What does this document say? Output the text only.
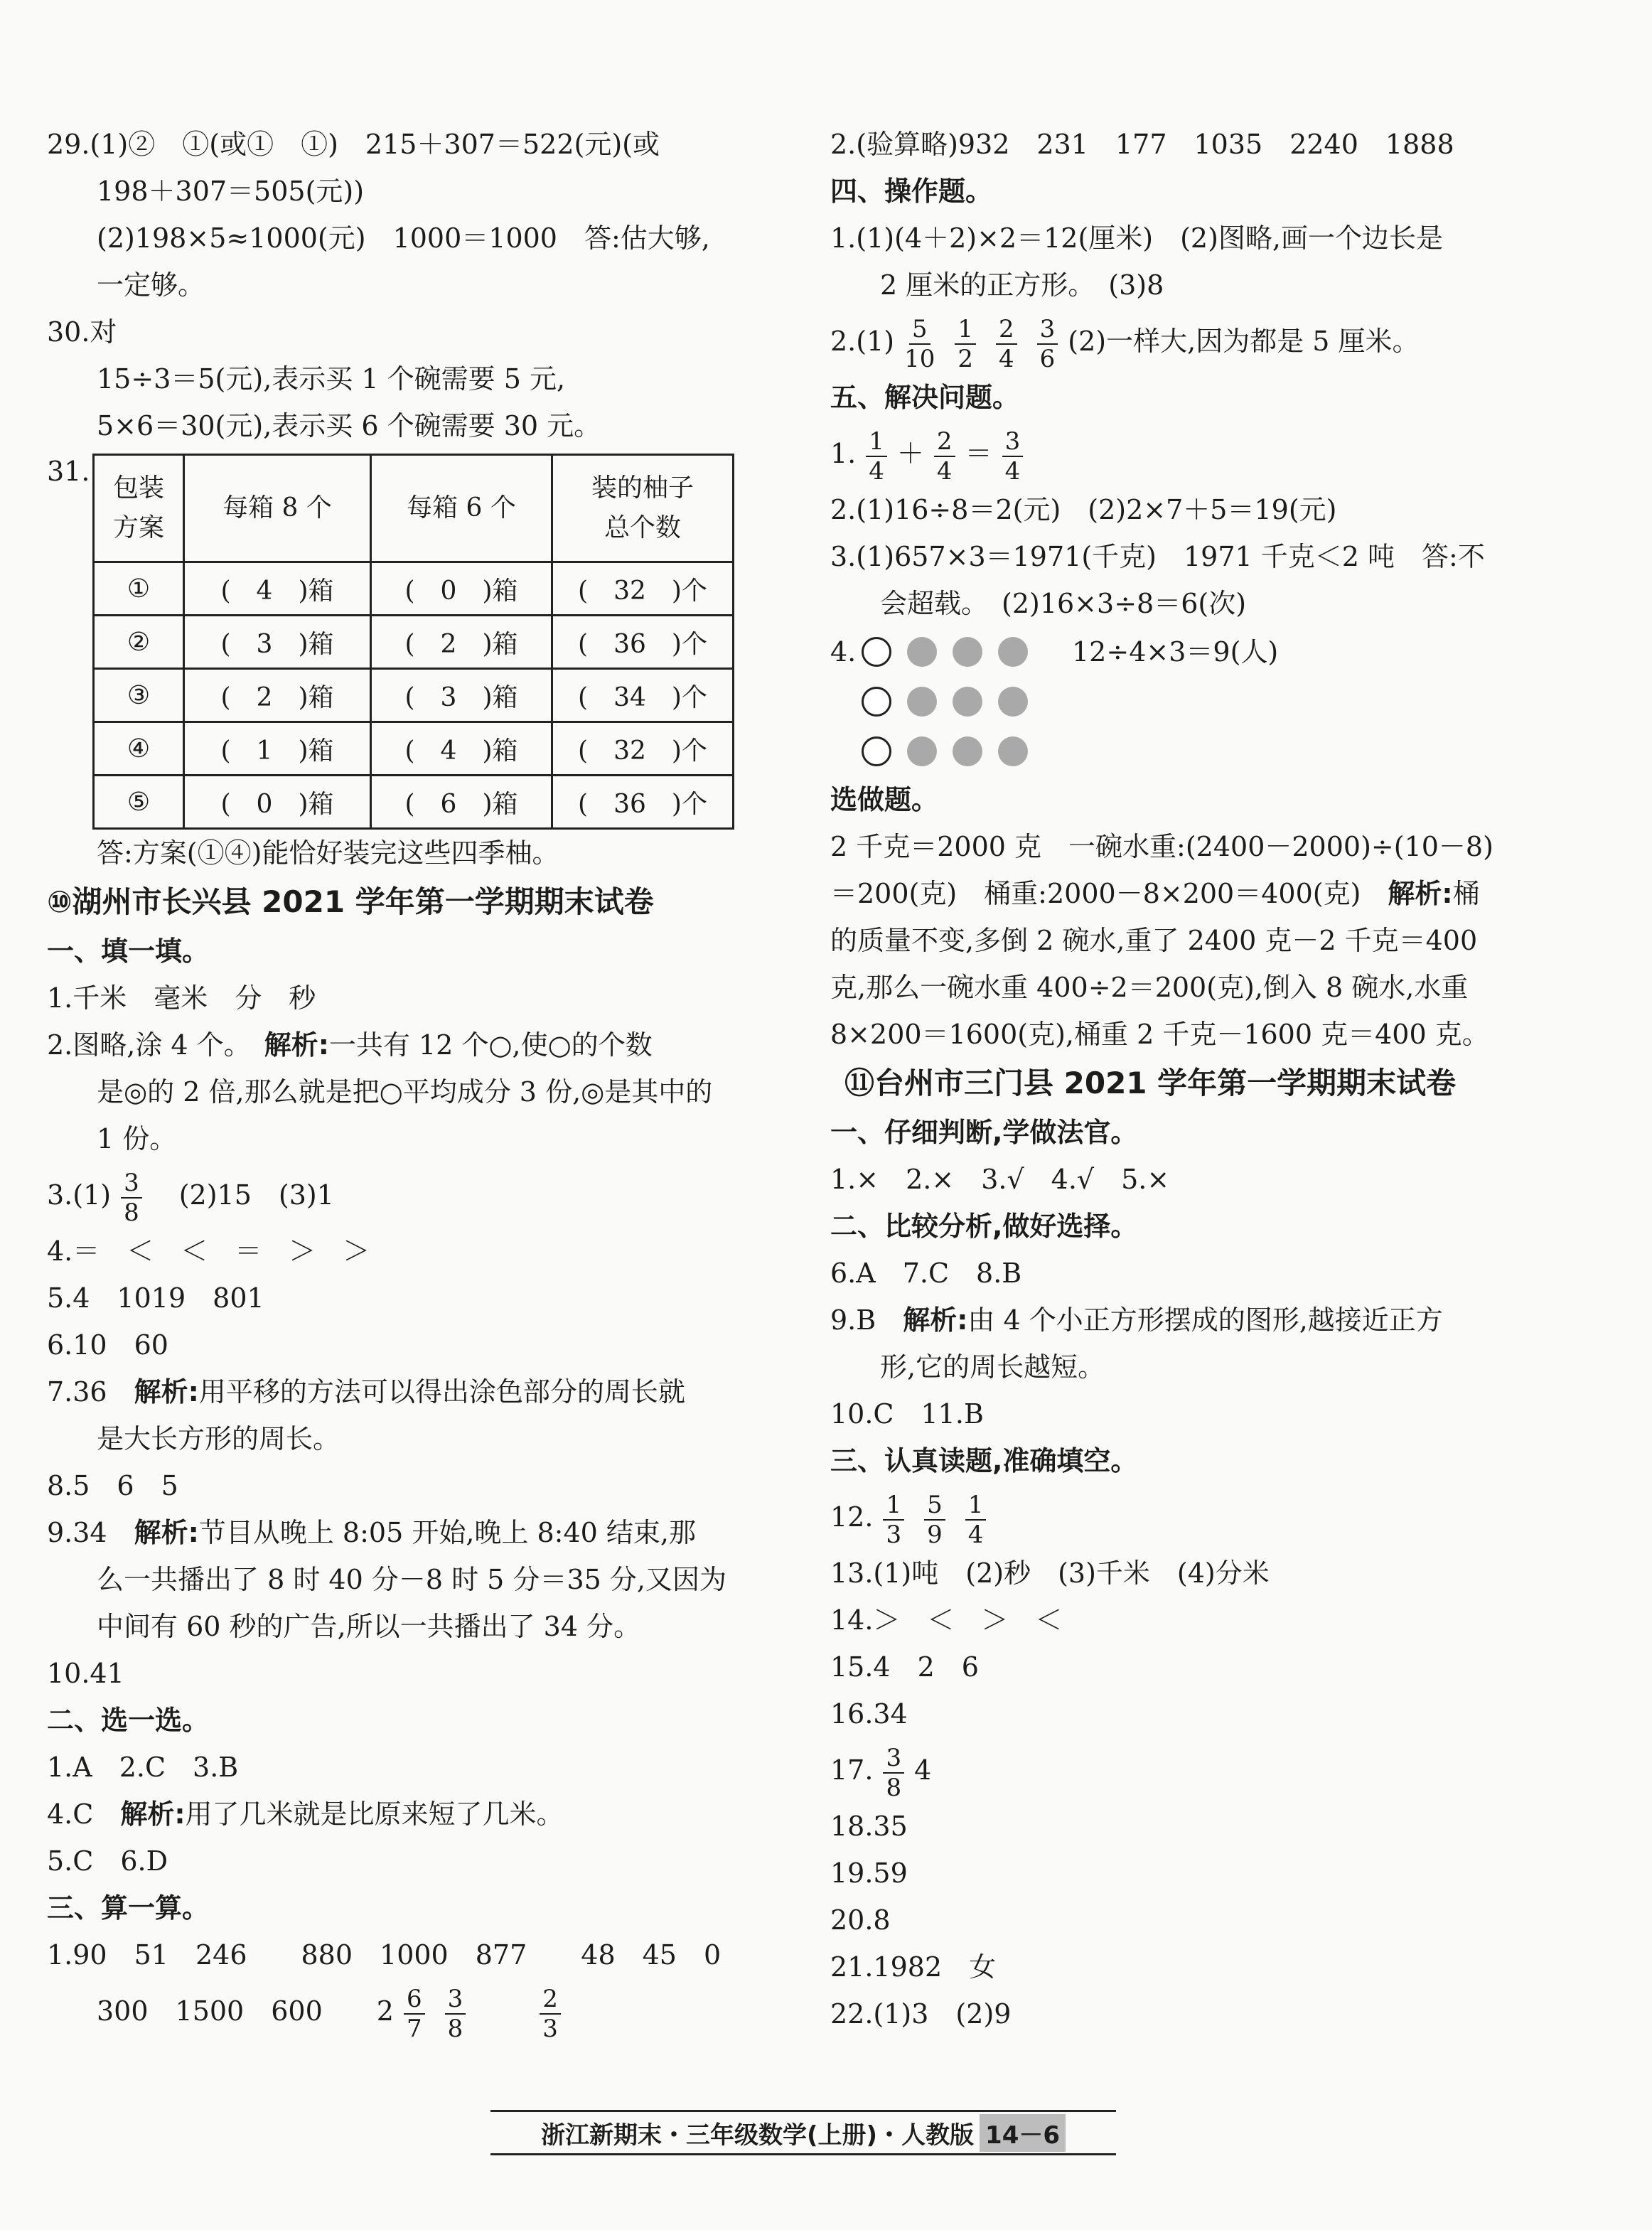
29.(1)②　①(或①　①)　215＋307＝522(元)(或
198＋307＝505(元))
(2)198×5≈1000(元)　1000＝1000　答:估大够,
一定够。
30.对
15÷3＝5(元),表示买 1 个碗需要 5 元,
5×6＝30(元),表示买 6 个碗需要 30 元。
31.
包装
方案	每箱 8 个	每箱 6 个	装的柚子
总个数
①	(　4　)箱	(　0　)箱	(　32　)个
②	(　3　)箱	(　2　)箱	(　36　)个
③	(　2　)箱	(　3　)箱	(　34　)个
④	(　1　)箱	(　4　)箱	(　32　)个
⑤	(　0　)箱	(　6　)箱	(　36　)个
答:方案(①④)能恰好装完这些四季柚。
⑩湖州市长兴县 2021 学年第一学期期末试卷
一、填一填。
1.千米　毫米　分　秒
2.图略,涂 4 个。　 解析:一共有 12 个○,使○的个数
是◎的 2 倍,那么就是把○平均成分 3 份,◎是其中的
1 份。
$3.(1) \frac{3}{8}$ 　(2)15　(3)1
4.＝　＜　＜　＝　＞　＞
5.4　1019　801
6.10　60
7.36　解析:用平移的方法可以得出涂色部分的周长就
是大长方形的周长。
8.5　6　5
9.34　解析:节目从晚上 8:05 开始,晚上 8:40 结束,那
么一共播出了 8 时 40 分－8 时 5 分＝35 分,又因为
中间有 60 秒的广告,所以一共播出了 34 分。
10.41
二、选一选。
1.A　2.C　3.B
4.C　解析:用了几米就是比原来短了几米。
5.C　6.D
三、算一算。
1.90　51　246　　880　1000　877　　48　45　0
300　1500　600　　$2 \frac{6}{7} \frac{3}{8}$
　　	$\frac{2}{3}$
2.(验算略)932　231　177　1035　2240　1888
四、操作题。
1.(1)(4＋2)×2＝12(厘米)　(2)图略,画一个边长是
2 厘米的正方形。　(3)8
$2.(1) \frac{5}{10} \frac{1}{2} \frac{2}{4} \frac{3}{6} (2)$一样大,因为都是 5 厘米。
五、解决问题。
1. $\frac{1}{4} + \frac{2}{4} = \frac{3}{4}$
2.(1)16÷8＝2(元)　(2)2×7＋5＝19(元)
3.(1)657×3＝1971(千克)　1971 千克＜2 吨　答:不
会超载。　(2)16×3÷8＝6(次)
4.	12÷4×3＝9(人)
选做题。
2 千克＝2000 克　一碗水重:(2400－2000)÷(10－8)
＝200(克)　桶重:2000－8×200＝400(克)　解析:桶
的质量不变,多倒 2 碗水,重了 2400 克－2 千克＝400
克,那么一碗水重 400÷2＝200(克),倒入 8 碗水,水重
8×200＝1600(克),桶重 2 千克－1600 克＝400 克。
⑪台州市三门县 2021 学年第一学期期末试卷
一、仔细判断,学做法官。
1.×　2.×　3.√　4.√　5.×
二、比较分析,做好选择。
6.A　7.C　8.B
9.B　解析:由 4 个小正方形摆成的图形,越接近正方
形,它的周长越短。
10.C　11.B
三、认真读题,准确填空。
12. $\frac{1}{3} \frac{5}{9} \frac{1}{4}$
13.(1)吨　(2)秒　(3)千米　(4)分米
14.＞　＜　＞　＜
15.4　2　6
16.34
17. $\frac{3}{8} 4$
18.35
19.59
20.8
21.1982　女
22.(1)3　(2)9
浙江新期末・三年级数学(上册)・人教版 14－6
